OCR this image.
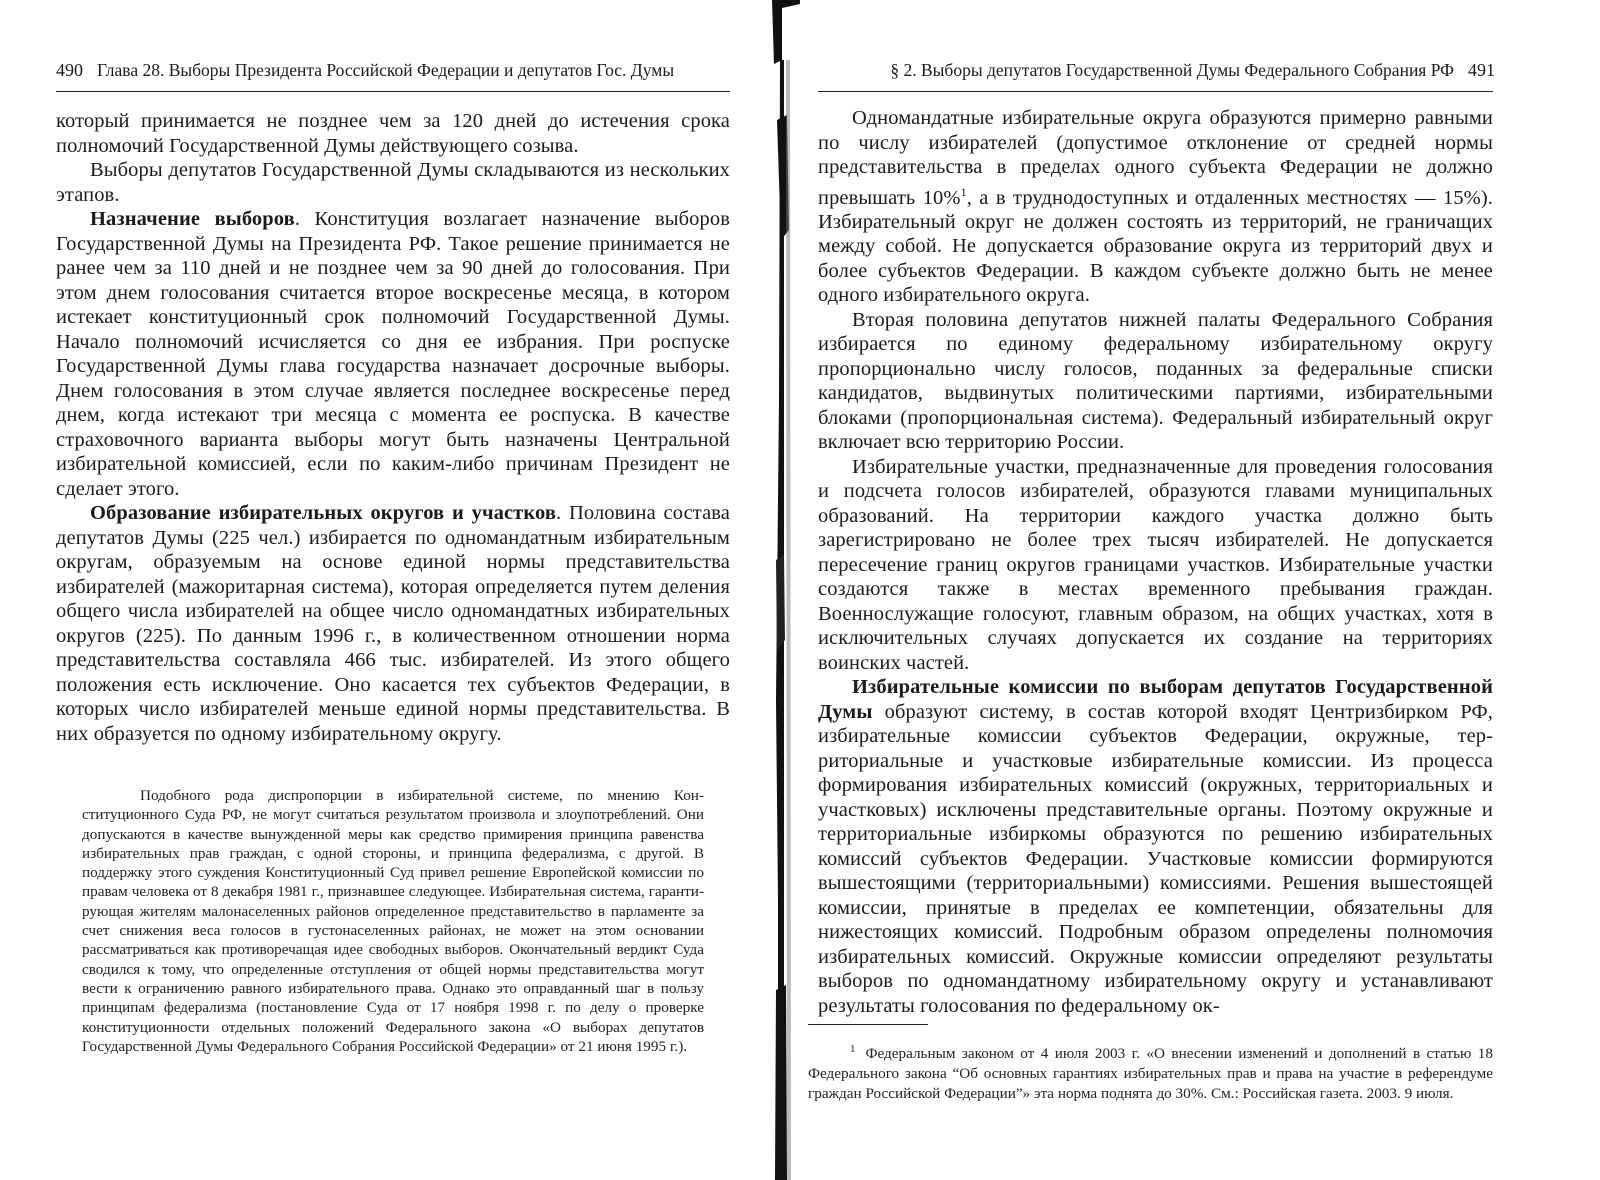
490 Глава 28. Выборы Президента Российской Федерации и депутатов Гос. Думы

который принимается не позднее чем за 120 дней до истечения срока полномочий Государственной Думы действующего созыва.

Выборы депутатов Государственной Думы складываются из нескольких этапов.

Назначение выборов. Конституция возлагает назначение выборов Государственной Думы на Президента РФ. Такое решение принимается не ранее чем за 110 дней и не позднее чем за 90 дней до голосования. При этом днем голосования считается второе воскресенье месяца, в котором истекает конституционный срок полномочий Государственной Думы. Начало полномочий исчисляется со дня ее избрания. При роспуске Государственной Думы глава государства назначает досрочные выборы. Днем голосования в этом случае является последнее воскресенье перед днем, когда истекают три месяца с момента ее роспуска. В качестве страховочного варианта выборы могут быть назначены Центральной избирательной комиссией, если по каким-либо причинам Президент не сделает этого.

Образование избирательных округов и участков. Половина состава депутатов Думы (225 чел.) избирается по одномандатным избирательным округам, образуемым на основе единой нормы представительства избирателей (мажоритарная система), которая определяется путем деления общего числа избирателей на общее число одномандатных избирательных округов (225). По данным 1996 г., в количественном отношении норма представительства составляла 466 тыс. избирателей. Из этого общего положения есть исключение. Оно касается тех субъектов Федерации, в которых число избирателей меньше единой нормы представительства. В них образуется по одному избирательному округу.

Подобного рода диспропорции в избирательной системе, по мнению Конституционного Суда РФ, не могут считаться результатом произвола и злоупотреблений. Они допускаются в качестве вынужденной меры как средство примирения принципа равенства избирательных прав граждан, с одной стороны, и принципа федерализма, с другой. В поддержку этого суждения Конституционный Суд привел решение Европейской комиссии по правам человека от 8 декабря 1981 г., признавшее следующее. Избирательная система, гарантирующая жителям малонаселенных районов определенное представительство в парламенте за счет снижения веса голосов в густонаселенных районах, не может на этом основании рассматриваться как противоречащая идее свободных выборов. Окончательный вердикт Суда сводился к тому, что определенные отступления от общей нормы представительства могут вести к ограничению равного избирательного права. Однако это оправданный шаг в пользу принципам федерализма (постановление Суда от 17 ноября 1998 г. по делу о проверке конституционности отдельных положений Федерального закона «О выборах депутатов Государственной Думы Федерального Собрания Российской Федерации» от 21 июня 1995 г.).

§ 2. Выборы депутатов Государственной Думы Федерального Собрания РФ 491

Одномандатные избирательные округа образуются примерно равными по числу избирателей (допустимое отклонение от средней нормы представительства в пределах одного субъекта Федерации не должно превышать 10%$^1$, а в труднодоступных и отдаленных местностях — 15%). Избирательный округ не должен состоять из территорий, не граничащих между собой. Не допускается образование округа из территорий двух и более субъектов Федерации. В каждом субъекте должно быть не менее одного избирательного округа.

Вторая половина депутатов нижней палаты Федерального Собрания избирается по единому федеральному избирательному округу пропорционально числу голосов, поданных за федеральные списки кандидатов, выдвинутых политическими партиями, избирательными блоками (пропорциональная система). Федеральный избирательный округ включает всю территорию России.

Избирательные участки, предназначенные для проведения голосования и подсчета голосов избирателей, образуются главами муниципальных образований. На территории каждого участка должно быть зарегистрировано не более трех тысяч избирателей. Не допускается пересечение границ округов границами участков. Избирательные участки создаются также в местах временного пребывания граждан. Военнослужащие голосуют, главным образом, на общих участках, хотя в исключительных случаях допускается их создание на территориях воинских частей.

Избирательные комиссии по выборам депутатов Государственной Думы образуют систему, в состав которой входят Центризбирком РФ, избирательные комиссии субъектов Федерации, окружные, территориальные и участковые избирательные комиссии. Из процесса формирования избирательных комиссий (окружных, территориальных и участковых) исключены представительные органы. Поэтому окружные и территориальные избиркомы образуются по решению избирательных комиссий субъектов Федерации. Участковые комиссии формируются вышестоящими (территориальными) комиссиями. Решения вышестоящей комиссии, принятые в пределах ее компетенции, обязательны для нижестоящих комиссий. Подробным образом определены полномочия избирательных комиссий. Окружные комиссии определяют результаты выборов по одномандатному избирательному округу и устанавливают результаты голосования по федеральному ок-

$^1$ Федеральным законом от 4 июля 2003 г. «О внесении изменений и дополнений в статью 18 Федерального закона “Об основных гарантиях избирательных прав и права на участие в референдуме граждан Российской Федерации”» эта норма поднята до 30%. См.: Российская газета. 2003. 9 июля.
